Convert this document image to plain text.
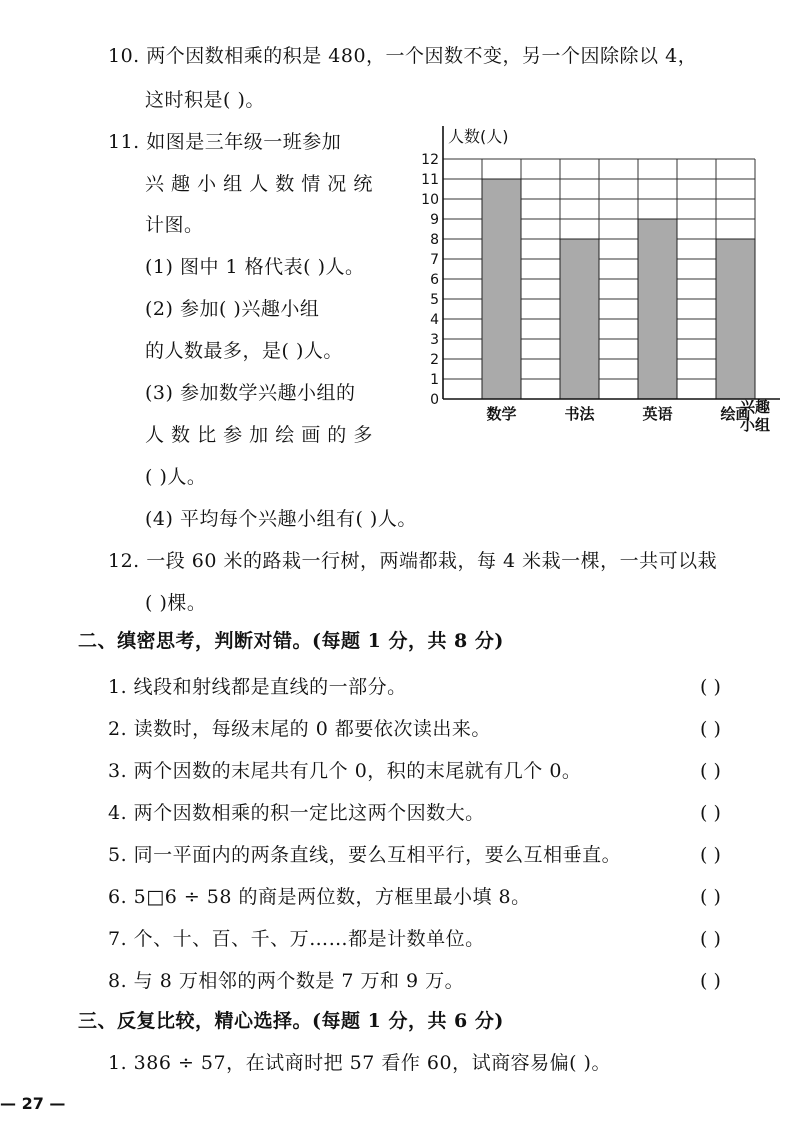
10. 两个因数相乘的积是 480，一个因数不变，另一个因除除以 4，
这时积是( )。
11. 如图是三年级一班参加
兴 趣 小 组 人 数 情 况 统
计图。
(1) 图中 1 格代表( )人。
(2) 参加( )兴趣小组
的人数最多，是( )人。
(3) 参加数学兴趣小组的
人 数 比 参 加 绘 画 的 多
( )人。
(4) 平均每个兴趣小组有( )人。
0
1
2
3
4
5
6
7
8
9
10
11
12
数学	书法	英语	绘画
人数(人)
兴趣
小组
12. 一段 60 米的路栽一行树，两端都栽，每 4 米栽一棵，一共可以栽
( )棵。
二、缜密思考，判断对错。(每题 1 分，共 8 分)
1. 线段和射线都是直线的一部分。	( )
2. 读数时，每级末尾的 0 都要依次读出来。	( )
3. 两个因数的末尾共有几个 0，积的末尾就有几个 0。	( )
4. 两个因数相乘的积一定比这两个因数大。	( )
5. 同一平面内的两条直线，要么互相平行，要么互相垂直。	( )
6. 5□6 ÷ 58 的商是两位数，方框里最小填 8。	( )
7. 个、十、百、千、万……都是计数单位。	( )
8. 与 8 万相邻的两个数是 7 万和 9 万。	( )
三、反复比较，精心选择。(每题 1 分，共 6 分)
1. 386 ÷ 57，在试商时把 57 看作 60，试商容易偏( )。
— 27 —
